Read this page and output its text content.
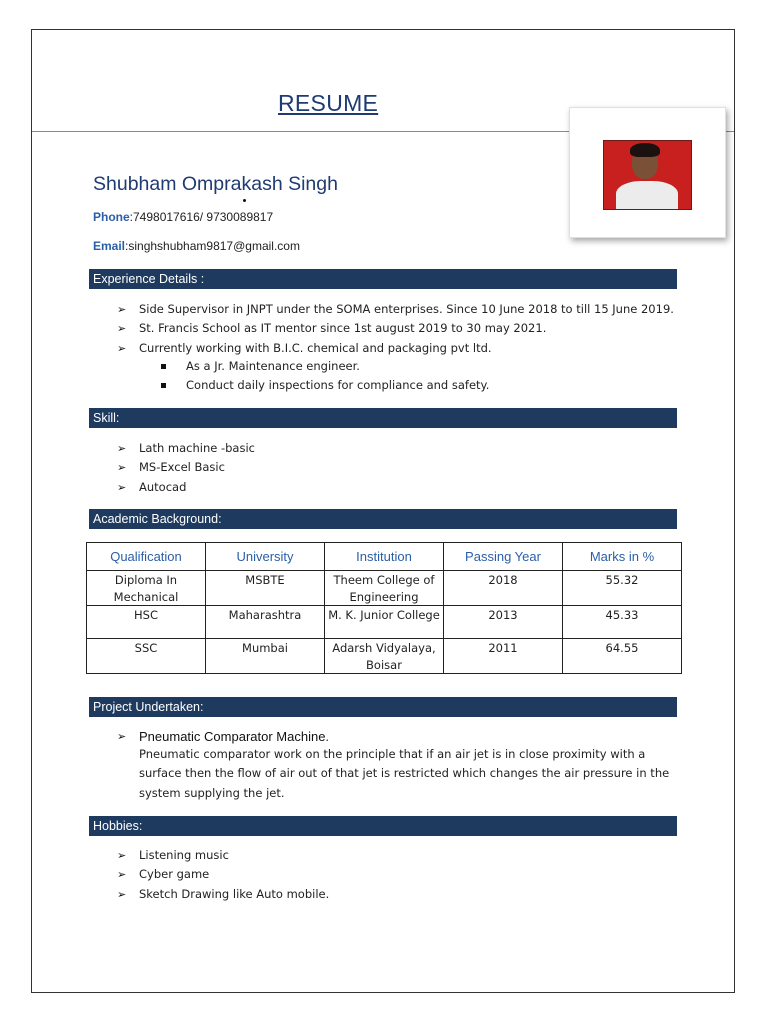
RESUME
Shubham Omprakash Singh
Phone:7498017616/ 9730089817
Email:singhshubham9817@gmail.com
Experience Details :
➢ Side Supervisor in JNPT under the SOMA enterprises. Since 10 June 2018 to till 15 June 2019.
➢ St. Francis School as IT mentor since 1st august 2019 to 30 may 2021.
➢ Currently working with B.I.C. chemical and packaging pvt ltd.
As a Jr. Maintenance engineer.
Conduct daily inspections for compliance and safety.
Skill:
➢ Lath machine -basic
➢ MS-Excel Basic
➢ Autocad
Academic Background:
Qualification	University	Institution	Passing Year	Marks in %
Diploma In Mechanical	MSBTE	Theem College of Engineering	2018	55.32
HSC	Maharashtra	M. K. Junior College	2013	45.33
SSC	Mumbai	Adarsh Vidyalaya, Boisar	2011	64.55
Project Undertaken:
➢ Pneumatic Comparator Machine.
Pneumatic comparator work on the principle that if an air jet is in close proximity with a surface then the flow of air out of that jet is restricted which changes the air pressure in the system supplying the jet.
Hobbies:
➢ Listening music
➢ Cyber game
➢ Sketch Drawing like Auto mobile.
